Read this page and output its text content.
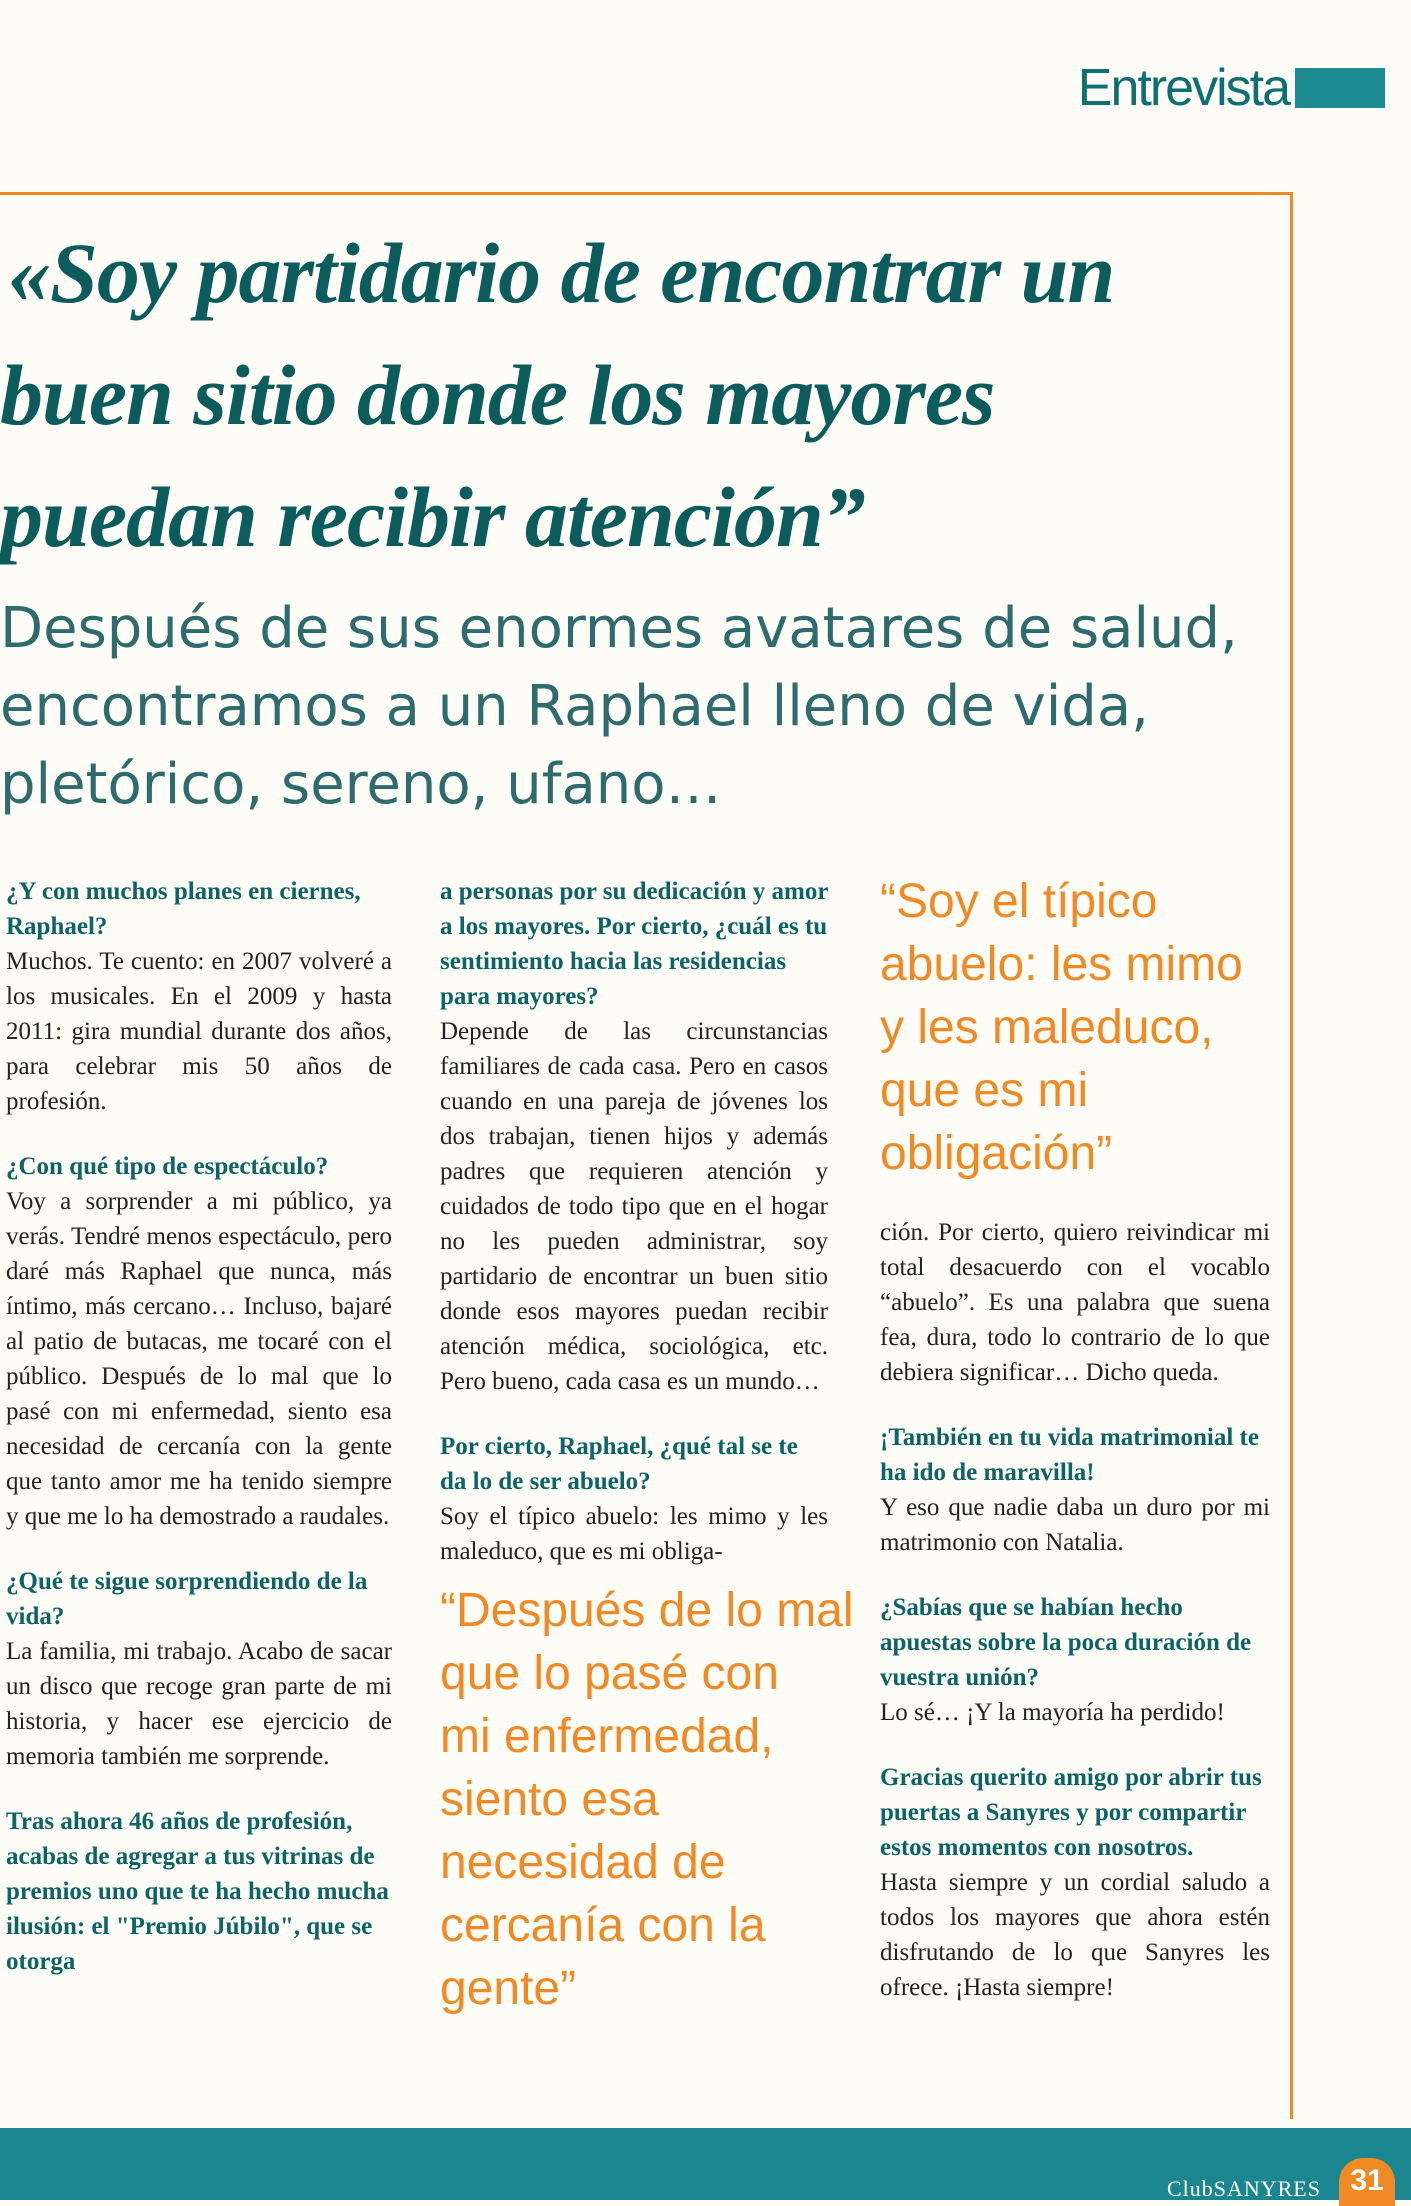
Entrevista
«Soy partidario de encontrar un
buen sitio donde los mayores
puedan recibir atención”

Después de sus enormes avatares de salud,
encontramos a un Raphael lleno de vida,
pletórico, sereno, ufano…

¿Y con muchos planes en ciernes, Raphael?
Muchos. Te cuento: en 2007 volveré a los musicales. En el 2009 y hasta 2011: gira mundial durante dos años, para celebrar mis 50 años de profesión.
¿Con qué tipo de espectáculo?
Voy a sorprender a mi público, ya verás. Tendré menos espectáculo, pero daré más Raphael que nunca, más íntimo, más cercano… Incluso, bajaré al patio de butacas, me tocaré con el público. Después de lo mal que lo pasé con mi enfermedad, siento esa necesidad de cercanía con la gente que tanto amor me ha tenido siempre y que me lo ha demostrado a raudales.
¿Qué te sigue sorprendiendo de la vida?
La familia, mi trabajo. Acabo de sacar un disco que recoge gran parte de mi historia, y hacer ese ejercicio de memoria también me sorprende.
Tras ahora 46 años de profesión, acabas de agregar a tus vitrinas de premios uno que te ha hecho mucha ilusión: el "Premio Júbilo", que se otorga
a personas por su dedicación y amor a los mayores. Por cierto, ¿cuál es tu sentimiento hacia las residencias para mayores?
Depende de las circunstancias familiares de cada casa. Pero en casos cuando en una pareja de jóvenes los dos trabajan, tienen hijos y además padres que requieren atención y cuidados de todo tipo que en el hogar no les pueden administrar, soy partidario de encontrar un buen sitio donde esos mayores puedan recibir atención médica, sociológica, etc. Pero bueno, cada casa es un mundo…
Por cierto, Raphael, ¿qué tal se te da lo de ser abuelo?
Soy el típico abuelo: les mimo y les maleduco, que es mi obliga-
“Después de lo mal
que lo pasé con
mi enfermedad,
siento esa
necesidad de
cercanía con la
gente”
“Soy el típico
abuelo: les mimo
y les maleduco,
que es mi
obligación”
ción. Por cierto, quiero reivindicar mi total desacuerdo con el vocablo “abuelo”. Es una palabra que suena fea, dura, todo lo contrario de lo que debiera significar… Dicho queda.
¡También en tu vida matrimonial te ha ido de maravilla!
Y eso que nadie daba un duro por mi matrimonio con Natalia.
¿Sabías que se habían hecho apuestas sobre la poca duración de vuestra unión?
Lo sé… ¡Y la mayoría ha perdido!
Gracias querito amigo por abrir tus puertas a Sanyres y por compartir estos momentos con nosotros.
Hasta siempre y un cordial saludo a todos los mayores que ahora estén disfrutando de lo que Sanyres les ofrece. ¡Hasta siempre!
ClubSANYRES 31
